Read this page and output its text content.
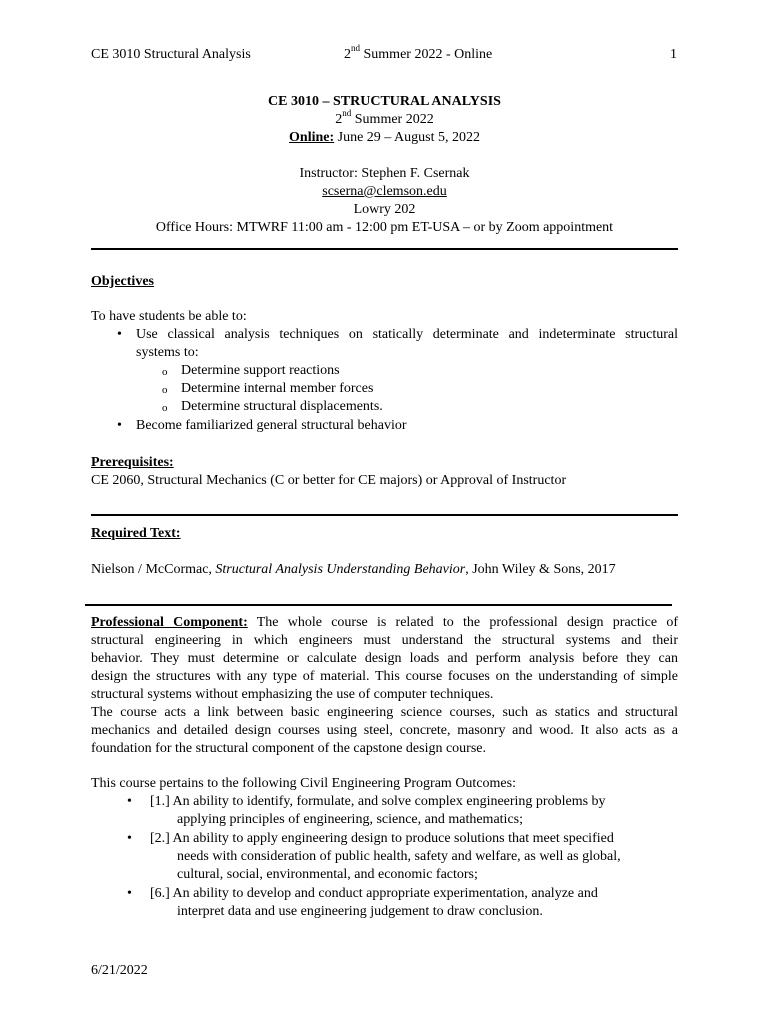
CE 3010 Structural Analysis	2nd Summer 2022 - Online	1
CE 3010 – STRUCTURAL ANALYSIS
2nd Summer 2022
Online: June 29 – August 5, 2022
Instructor: Stephen F. Csernak
scserna@clemson.edu
Lowry 202
Office Hours: MTWRF 11:00 am - 12:00 pm ET-USA – or by Zoom appointment
Objectives
To have students be able to:
• Use classical analysis techniques on statically determinate and indeterminate structural
systems to:
o Determine support reactions
o Determine internal member forces
o Determine structural displacements.
• Become familiarized general structural behavior
Prerequisites:
CE 2060, Structural Mechanics (C or better for CE majors) or Approval of Instructor
Required Text:
Nielson / McCormac, Structural Analysis Understanding Behavior, John Wiley & Sons, 2017
Professional Component: The whole course is related to the professional design practice of
structural engineering in which engineers must understand the structural systems and their
behavior. They must determine or calculate design loads and perform analysis before they can
design the structures with any type of material. This course focuses on the understanding of simple
structural systems without emphasizing the use of computer techniques.
The course acts a link between basic engineering science courses, such as statics and structural
mechanics and detailed design courses using steel, concrete, masonry and wood. It also acts as a
foundation for the structural component of the capstone design course.
This course pertains to the following Civil Engineering Program Outcomes:
• [1.] An ability to identify, formulate, and solve complex engineering problems by
applying principles of engineering, science, and mathematics;
• [2.] An ability to apply engineering design to produce solutions that meet specified
needs with consideration of public health, safety and welfare, as well as global,
cultural, social, environmental, and economic factors;
• [6.] An ability to develop and conduct appropriate experimentation, analyze and
interpret data and use engineering judgement to draw conclusion.
6/21/2022
